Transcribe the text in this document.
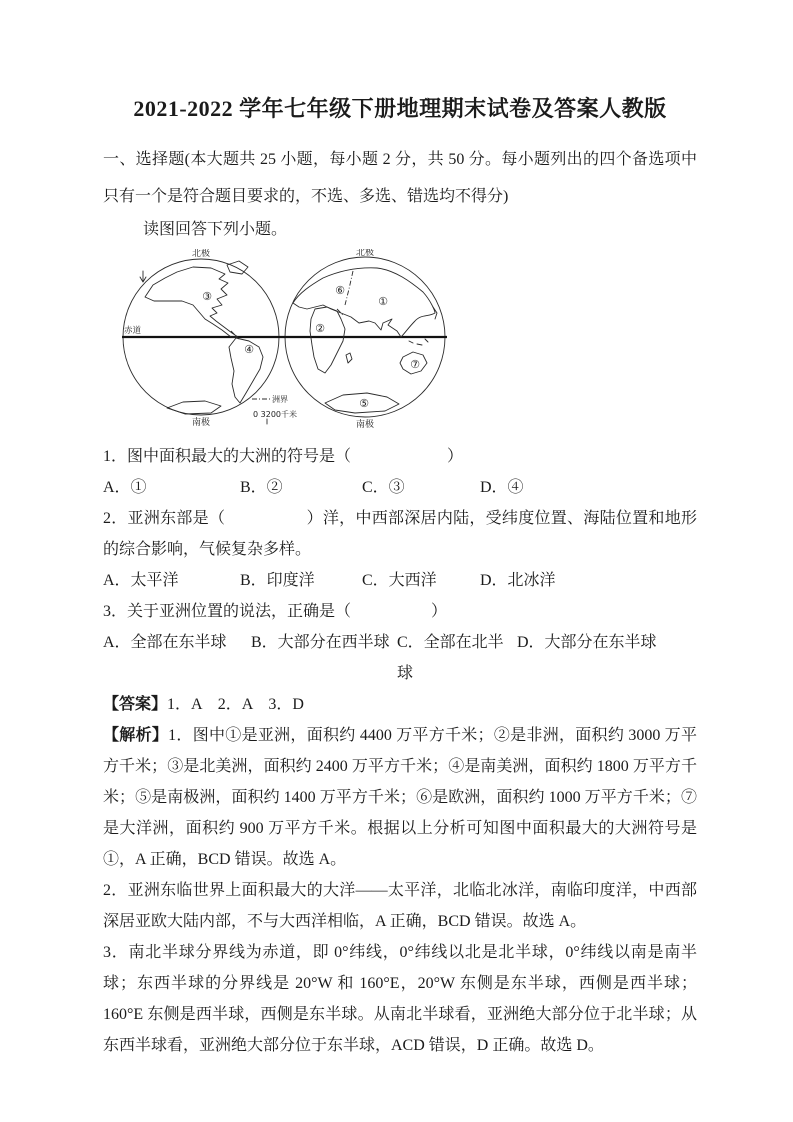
2021-2022 学年七年级下册地理期末试卷及答案人教版

一、选择题(本大题共 25 小题，每小题 2 分，共 50 分。每小题列出的四个备选项中只有一个是符合题目要求的，不选、多选、错选均不得分)

读图回答下列小题。

北极	北极
南极	南极
赤道
①
②
③
④
⑤
⑥
⑦
洲界
0 3200千米

1．图中面积最大的大洲的符号是（　　　　　　）

A．①	B．②	C．③	D．④

2．亚洲东部是（　　　　　）洋，中西部深居内陆，受纬度位置、海陆位置和地形的综合影响，气候复杂多样。

A．太平洋	B．印度洋	C．大西洋	D．北冰洋

3．关于亚洲位置的说法，正确是（　　　　　）

A．全部在东半球	B．大部分在西半球 C．全部在北半球
D．大部分在东半球

【答案】1．A　2．A　3．D

【解析】1．图中①是亚洲，面积约 4400 万平方千米；②是非洲，面积约 3000 万平方千米；③是北美洲，面积约 2400 万平方千米；④是南美洲，面积约 1800 万平方千米；⑤是南极洲，面积约 1400 万平方千米；⑥是欧洲，面积约 1000 万平方千米；⑦是大洋洲，面积约 900 万平方千米。根据以上分析可知图中面积最大的大洲符号是①，A 正确，BCD 错误。故选 A。

2．亚洲东临世界上面积最大的大洋——太平洋，北临北冰洋，南临印度洋，中西部深居亚欧大陆内部，不与大西洋相临，A 正确，BCD 错误。故选 A。

3．南北半球分界线为赤道，即 0°纬线，0°纬线以北是北半球，0°纬线以南是南半球；东西半球的分界线是 20°W 和 160°E，20°W 东侧是东半球，西侧是西半球；160°E 东侧是西半球，西侧是东半球。从南北半球看，亚洲绝大部分位于北半球；从东西半球看，亚洲绝大部分位于东半球，ACD 错误，D 正确。故选 D。
